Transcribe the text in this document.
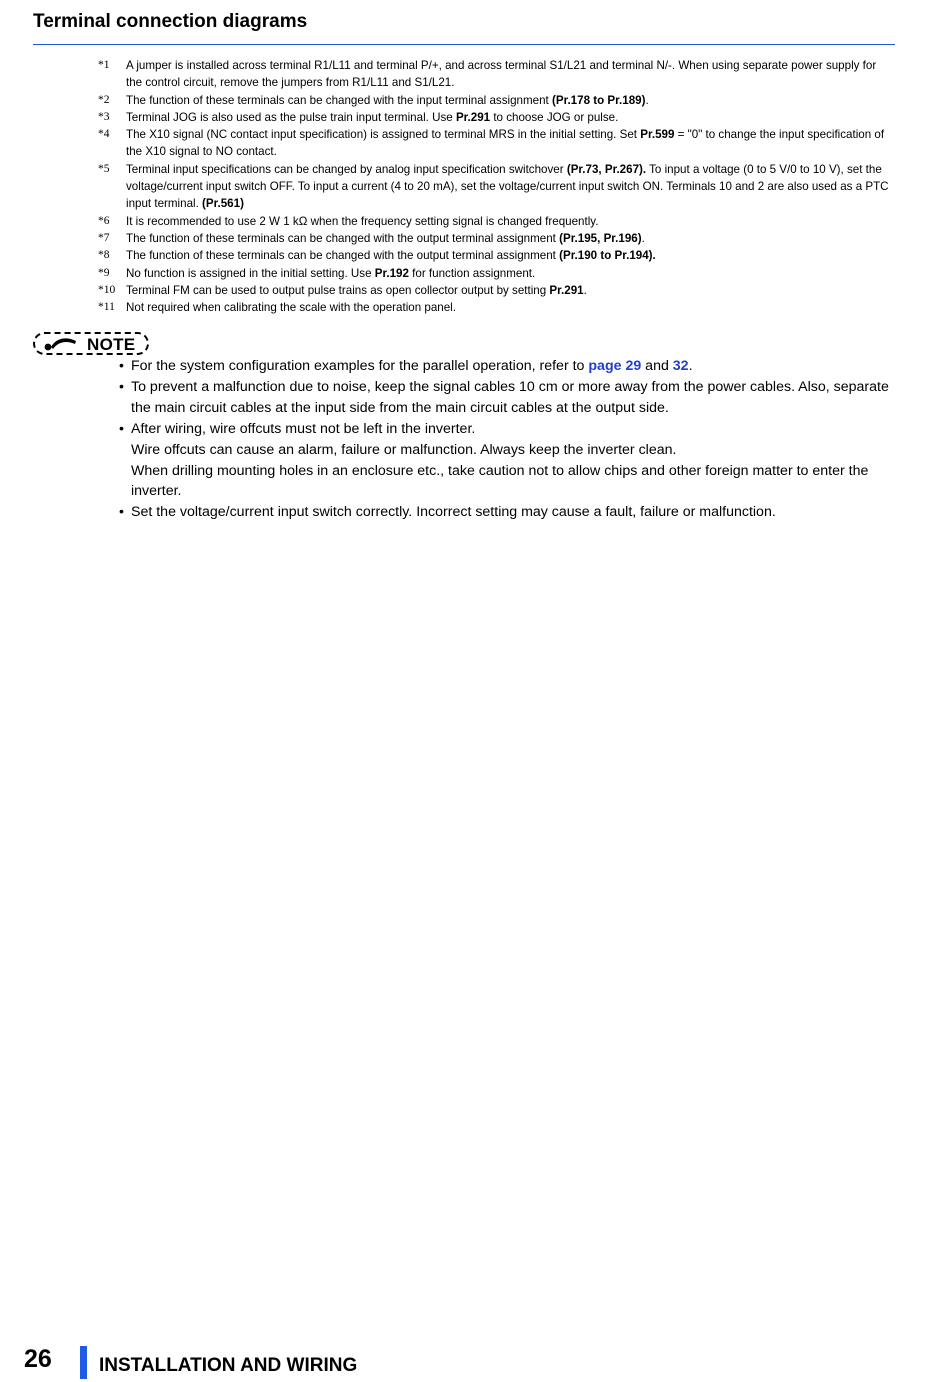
Terminal connection diagrams
*1 A jumper is installed across terminal R1/L11 and terminal P/+, and across terminal S1/L21 and terminal N/-. When using separate power supply for the control circuit, remove the jumpers from R1/L11 and S1/L21.
*2 The function of these terminals can be changed with the input terminal assignment (Pr.178 to Pr.189).
*3 Terminal JOG is also used as the pulse train input terminal. Use Pr.291 to choose JOG or pulse.
*4 The X10 signal (NC contact input specification) is assigned to terminal MRS in the initial setting. Set Pr.599 = "0" to change the input specification of the X10 signal to NO contact.
*5 Terminal input specifications can be changed by analog input specification switchover (Pr.73, Pr.267). To input a voltage (0 to 5 V/0 to 10 V), set the voltage/current input switch OFF. To input a current (4 to 20 mA), set the voltage/current input switch ON. Terminals 10 and 2 are also used as a PTC input terminal. (Pr.561)
*6 It is recommended to use 2 W 1 kΩ when the frequency setting signal is changed frequently.
*7 The function of these terminals can be changed with the output terminal assignment (Pr.195, Pr.196).
*8 The function of these terminals can be changed with the output terminal assignment (Pr.190 to Pr.194).
*9 No function is assigned in the initial setting. Use Pr.192 for function assignment.
*10 Terminal FM can be used to output pulse trains as open collector output by setting Pr.291.
*11 Not required when calibrating the scale with the operation panel.
NOTE
• For the system configuration examples for the parallel operation, refer to page 29 and 32.
• To prevent a malfunction due to noise, keep the signal cables 10 cm or more away from the power cables. Also, separate the main circuit cables at the input side from the main circuit cables at the output side.
• After wiring, wire offcuts must not be left in the inverter.
Wire offcuts can cause an alarm, failure or malfunction. Always keep the inverter clean.
When drilling mounting holes in an enclosure etc., take caution not to allow chips and other foreign matter to enter the inverter.
• Set the voltage/current input switch correctly. Incorrect setting may cause a fault, failure or malfunction.
26 INSTALLATION AND WIRING
